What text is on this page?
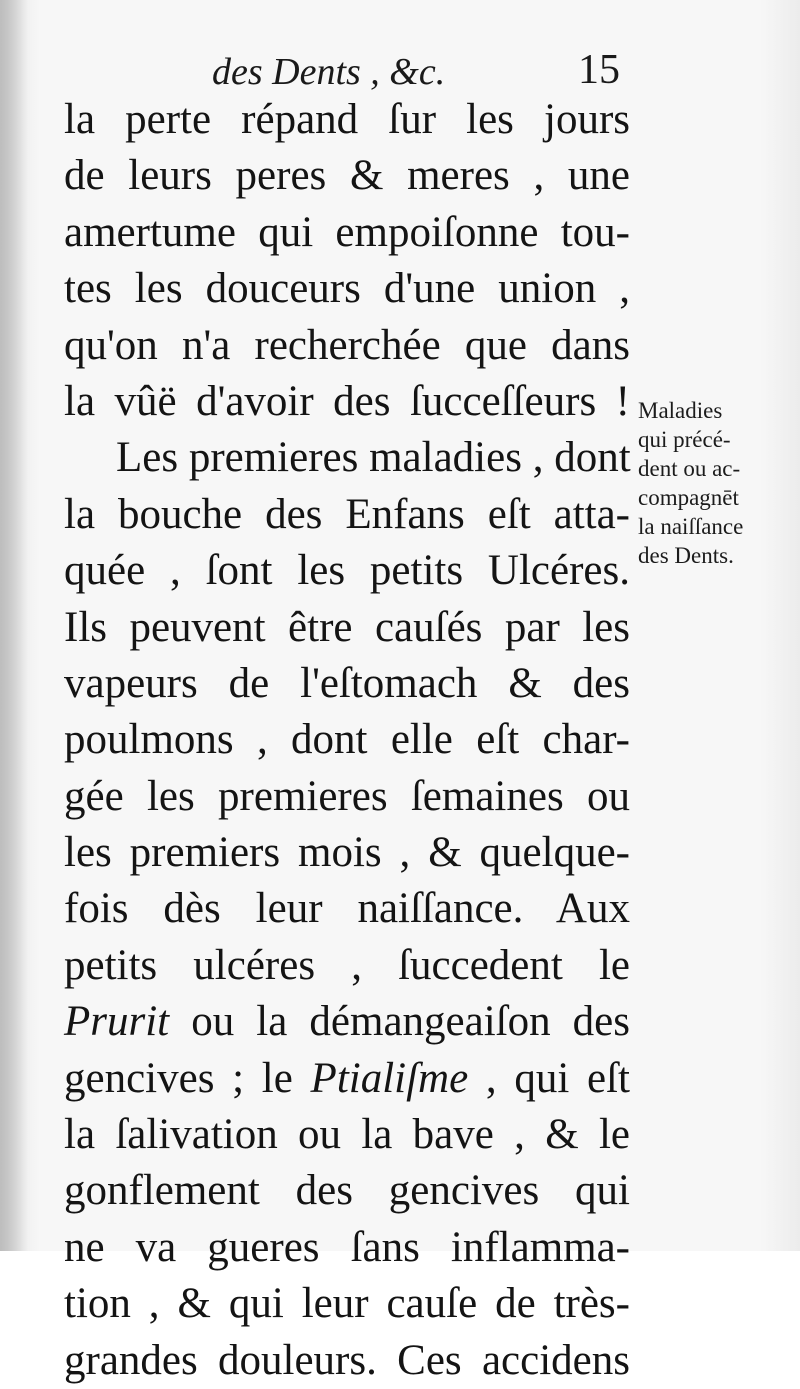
des Dents , &c.	15
la perte répand ſur les jours
de leurs peres & meres , une
amertume qui empoiſonne tou-
tes les douceurs d'une union ,
qu'on n'a recherchée que dans
la vûë d'avoir des ſucceſſeurs !
Les premieres maladies , dont
la bouche des Enfans eſt atta-
quée , ſont les petits Ulcéres.
Ils peuvent être cauſés par les
vapeurs de l'eſtomach & des
poulmons , dont elle eſt char-
gée les premieres ſemaines ou
les premiers mois , & quelque-
fois dès leur naiſſance. Aux
petits ulcéres , ſuccedent le
Prurit ou la démangeaiſon des
gencives ; le Ptialiſme , qui eſt
la ſalivation ou la bave , & le
gonflement des gencives qui
ne va gueres ſans inflamma-
tion , & qui leur cauſe de très-
grandes douleurs. Ces accidens
Maladies
qui précé-
dent ou ac-
compagnēt
la naiſſance
des Dents.
